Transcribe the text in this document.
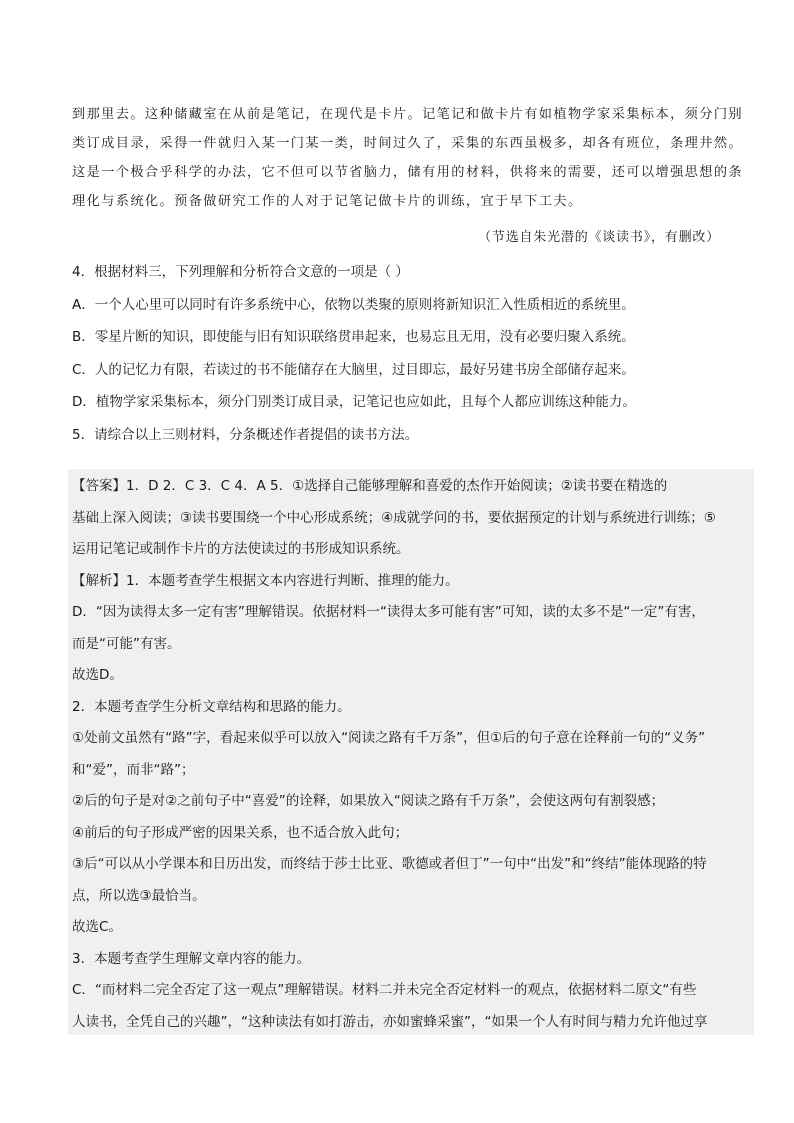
到那里去。这种储藏室在从前是笔记，在现代是卡片。记笔记和做卡片有如植物学家采集标本，须分门别

类订成目录，采得一件就归入某一门某一类，时间过久了，采集的东西虽极多，却各有班位，条理井然。

这是一个极合乎科学的办法，它不但可以节省脑力，储有用的材料，供将来的需要，还可以增强思想的条

理化与系统化。预备做研究工作的人对于记笔记做卡片的训练，宜于早下工夫。

（节选自朱光潜的《谈读书》，有删改）

4．根据材料三，下列理解和分析符合文意的一项是（ ）

A．一个人心里可以同时有许多系统中心，依物以类聚的原则将新知识汇入性质相近的系统里。

B．零星片断的知识，即使能与旧有知识联络贯串起来，也易忘且无用，没有必要归聚入系统。

C．人的记忆力有限，若读过的书不能储存在大脑里，过目即忘，最好另建书房全部储存起来。

D．植物学家采集标本，须分门别类订成目录，记笔记也应如此，且每个人都应训练这种能力。

5．请综合以上三则材料，分条概述作者提倡的读书方法。

【答案】1．D 2．C 3．C 4．A 5．①选择自己能够理解和喜爱的杰作开始阅读；②读书要在精选的

基础上深入阅读；③读书要围绕一个中心形成系统；④成就学问的书，要依据预定的计划与系统进行训练；⑤

运用记笔记或制作卡片的方法使读过的书形成知识系统。

【解析】1．本题考查学生根据文本内容进行判断、推理的能力。

D．“因为读得太多一定有害”理解错误。依据材料一“读得太多可能有害”可知，读的太多不是“一定”有害，

而是“可能”有害。

故选D。

2．本题考查学生分析文章结构和思路的能力。

①处前文虽然有“路”字，看起来似乎可以放入“阅读之路有千万条”，但①后的句子意在诠释前一句的“义务”

和“爱”，而非“路”；

②后的句子是对②之前句子中“喜爱”的诠释，如果放入“阅读之路有千万条”，会使这两句有割裂感；

④前后的句子形成严密的因果关系，也不适合放入此句；

③后“可以从小学课本和日历出发，而终结于莎士比亚、歌德或者但丁”一句中“出发”和“终结”能体现路的特

点，所以选③最恰当。

故选C。

3．本题考查学生理解文章内容的能力。

C．“而材料二完全否定了这一观点”理解错误。材料二并未完全否定材料一的观点，依据材料二原文“有些

人读书，全凭自己的兴趣”，“这种读法有如打游击，亦如蜜蜂采蜜”，“如果一个人有时间与精力允许他过享
